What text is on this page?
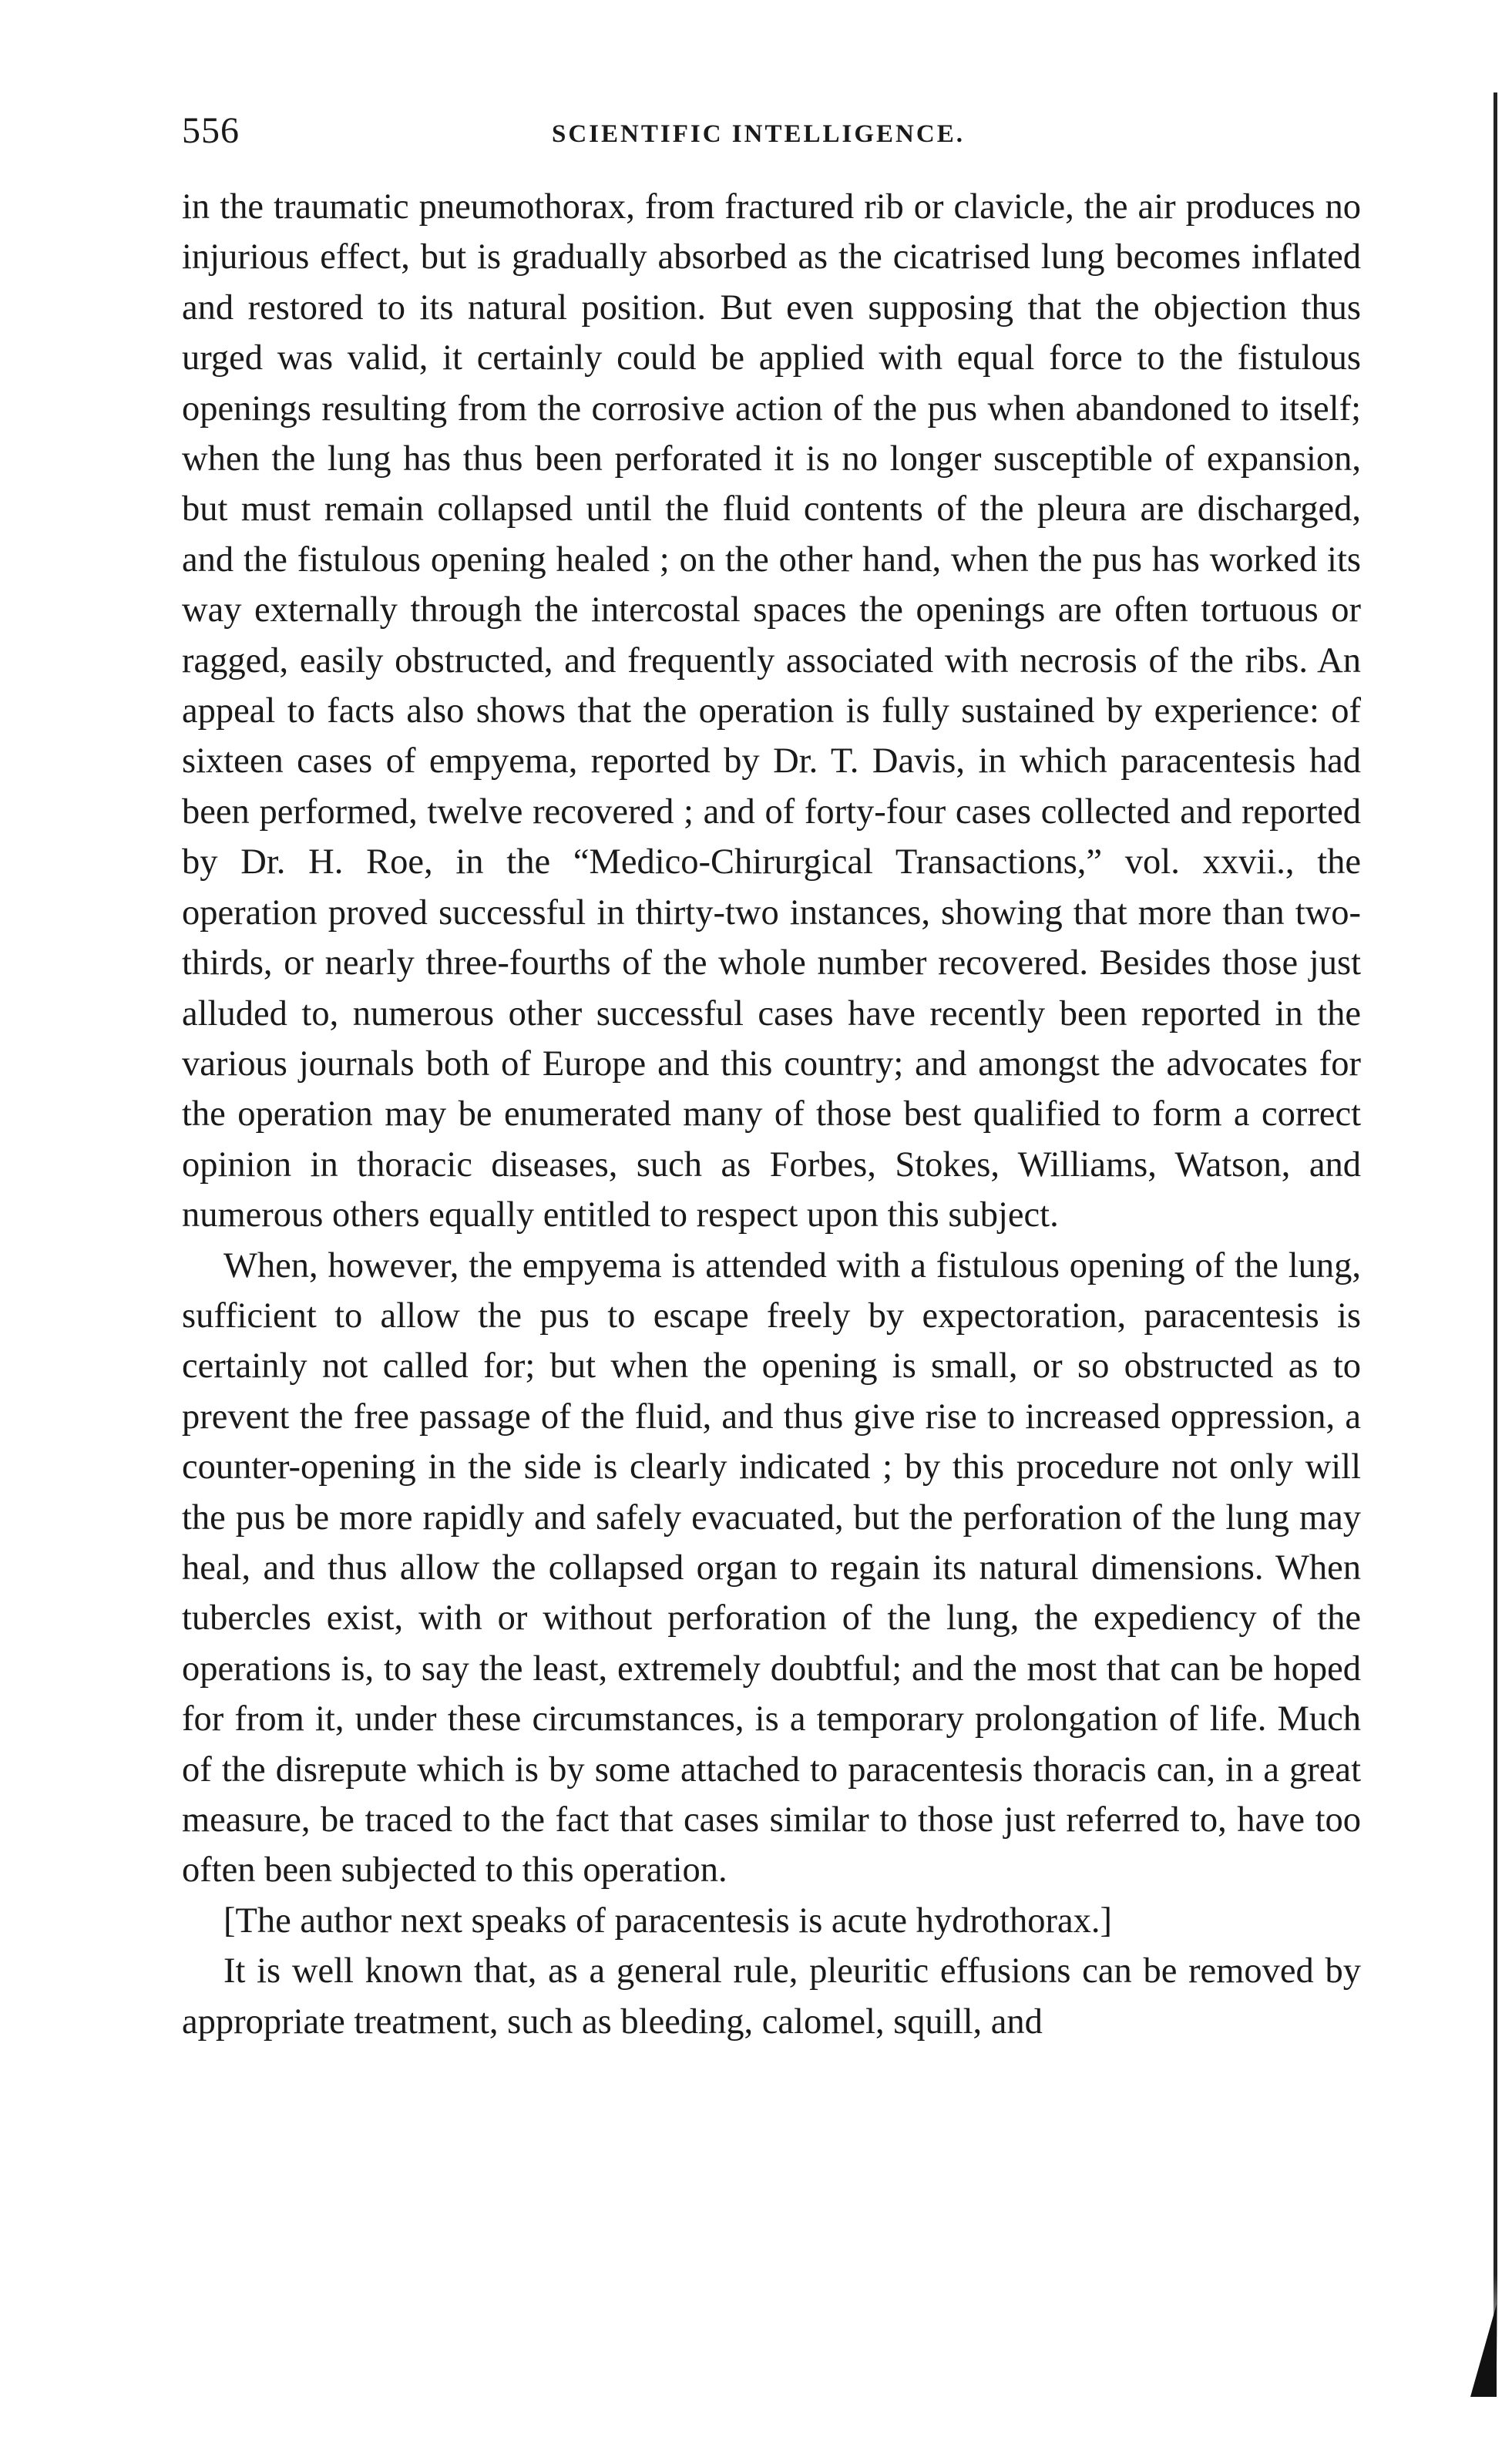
556	SCIENTIFIC INTELLIGENCE.

in the traumatic pneumothorax, from fractured rib or clavicle, the air produces no injurious effect, but is gradually absorbed as the cicatrised lung becomes inflated and restored to its natural position. But even supposing that the objection thus urged was valid, it certainly could be applied with equal force to the fistulous openings resulting from the corrosive action of the pus when abandoned to itself; when the lung has thus been perforated it is no longer susceptible of expansion, but must remain collapsed until the fluid contents of the pleura are discharged, and the fistulous opening healed ; on the other hand, when the pus has worked its way externally through the intercostal spaces the openings are often tortuous or ragged, easily obstructed, and frequently associated with necrosis of the ribs. An appeal to facts also shows that the operation is fully sustained by experience: of sixteen cases of empyema, reported by Dr. T. Davis, in which paracentesis had been performed, twelve recovered ; and of forty-four cases collected and reported by Dr. H. Roe, in the “Medico-Chirurgical Transactions,” vol. xxvii., the operation proved successful in thirty-two instances, showing that more than two-thirds, or nearly three-fourths of the whole number recovered. Besides those just alluded to, numerous other successful cases have recently been reported in the various journals both of Europe and this country; and amongst the advocates for the operation may be enumerated many of those best qualified to form a correct opinion in thoracic diseases, such as Forbes, Stokes, Williams, Watson, and numerous others equally entitled to respect upon this subject.

When, however, the empyema is attended with a fistulous opening of the lung, sufficient to allow the pus to escape freely by expectoration, paracentesis is certainly not called for; but when the opening is small, or so obstructed as to prevent the free passage of the fluid, and thus give rise to increased oppression, a counter-opening in the side is clearly indicated ; by this procedure not only will the pus be more rapidly and safely evacuated, but the perforation of the lung may heal, and thus allow the collapsed organ to regain its natural dimensions. When tubercles exist, with or without perforation of the lung, the expediency of the operations is, to say the least, extremely doubtful; and the most that can be hoped for from it, under these circumstances, is a temporary prolongation of life. Much of the disrepute which is by some attached to paracentesis thoracis can, in a great measure, be traced to the fact that cases similar to those just referred to, have too often been subjected to this operation.

[The author next speaks of paracentesis is acute hydrothorax.]

It is well known that, as a general rule, pleuritic effusions can be removed by appropriate treatment, such as bleeding, calomel, squill, and
